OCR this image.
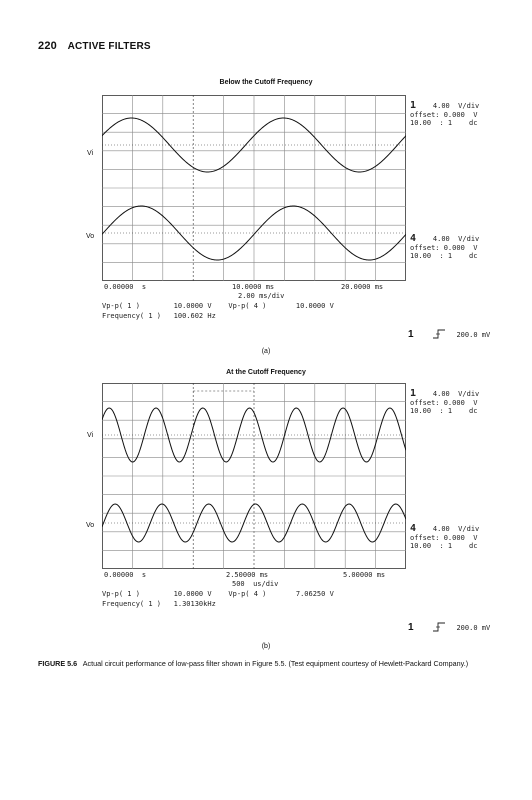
220 ACTIVE FILTERS
Below the Cutoff Frequency
Vi
Vo
1 4.00  V/div
offset: 0.000  V
10.00  : 1    dc
4 4.00  V/div
offset: 0.000  V
10.00  : 1    dc
0.00000  s	10.0000 ms	20.0000 ms
2.00 ms/div
Vp-p( 1 )        10.0000 V    Vp-p( 4 )       10.0000 V
Frequency( 1 )   100.602 Hz
1	200.0 mV
(a)
At the Cutoff Frequency
Vi
Vo
1 4.00  V/div
offset: 0.000  V
10.00  : 1    dc
4 4.00  V/div
offset: 0.000  V
10.00  : 1    dc
0.00000  s	2.50000 ms	5.00000 ms
500  us/div
Vp-p( 1 )        10.0000 V    Vp-p( 4 )       7.06250 V
Frequency( 1 )   1.30130kHz
1	200.0 mV
(b)
FIGURE 5.6 Actual circuit performance of low-pass filter shown in Figure 5.5. (Test equipment courtesy of Hewlett-Packard Company.)
